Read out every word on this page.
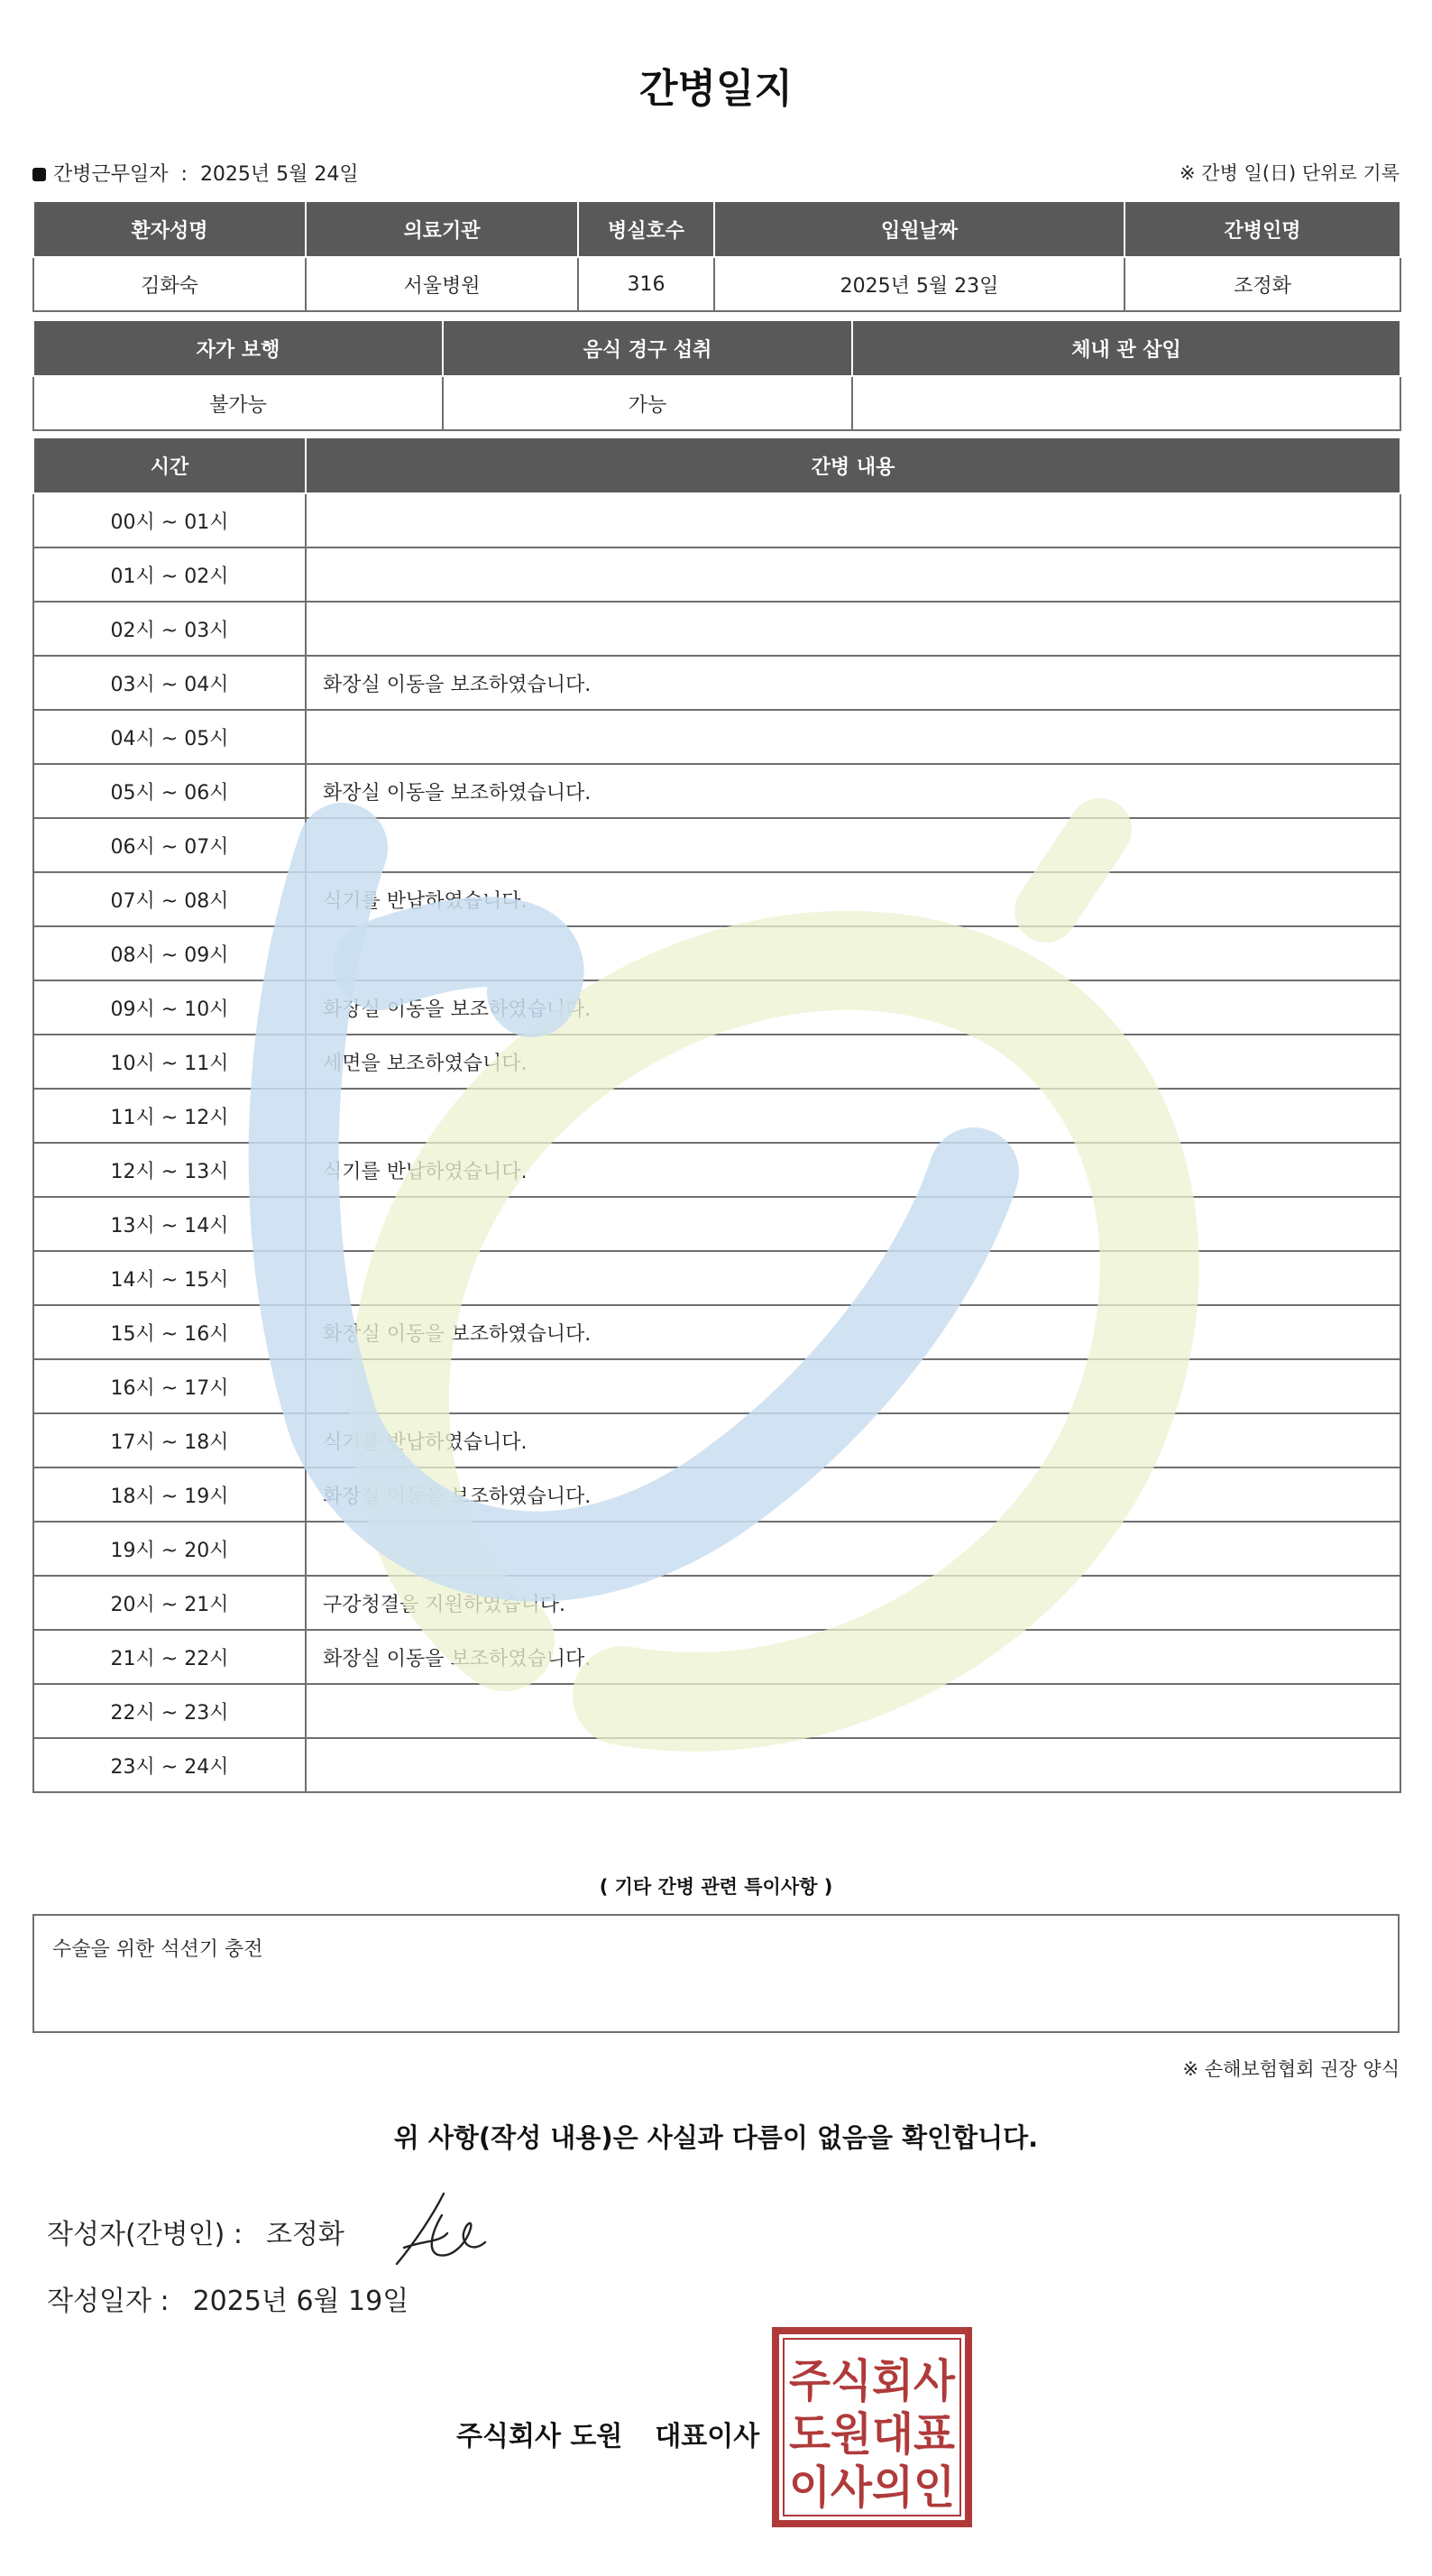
간병일지
간병근무일자 : 2025년 5월 24일	※ 간병 일(日) 단위로 기록
환자성명	의료기관	병실호수	입원날짜	간병인명
김화숙	서울병원	316	2025년 5월 23일	조정화
자가 보행	음식 경구 섭취	체내 관 삽입
불가능	가능	
시간	간병 내용
00시 ~ 01시	
01시 ~ 02시	
02시 ~ 03시	
03시 ~ 04시	화장실 이동을 보조하였습니다.
04시 ~ 05시	
05시 ~ 06시	화장실 이동을 보조하였습니다.
06시 ~ 07시	
07시 ~ 08시	식기를 반납하였습니다.
08시 ~ 09시	
09시 ~ 10시	화장실 이동을 보조하였습니다.
10시 ~ 11시	세면을 보조하였습니다.
11시 ~ 12시	
12시 ~ 13시	식기를 반납하였습니다.
13시 ~ 14시	
14시 ~ 15시	
15시 ~ 16시	화장실 이동을 보조하였습니다.
16시 ~ 17시	
17시 ~ 18시	식기를 반납하였습니다.
18시 ~ 19시	화장실 이동을 보조하였습니다.
19시 ~ 20시	
20시 ~ 21시	구강청결을 지원하였습니다.
21시 ~ 22시	화장실 이동을 보조하였습니다.
22시 ~ 23시	
23시 ~ 24시	
( 기타 간병 관련 특이사항 )
수술을 위한 석션기 충전
※ 손해보험협회 권장 양식
위 사항(작성 내용)은 사실과 다름이 없음을 확인합니다.
작성자(간병인) : 조정화
작성일자 : 2025년 6월 19일
주식회사 도원 대표이사
주식회사
도원대표
이사의인
